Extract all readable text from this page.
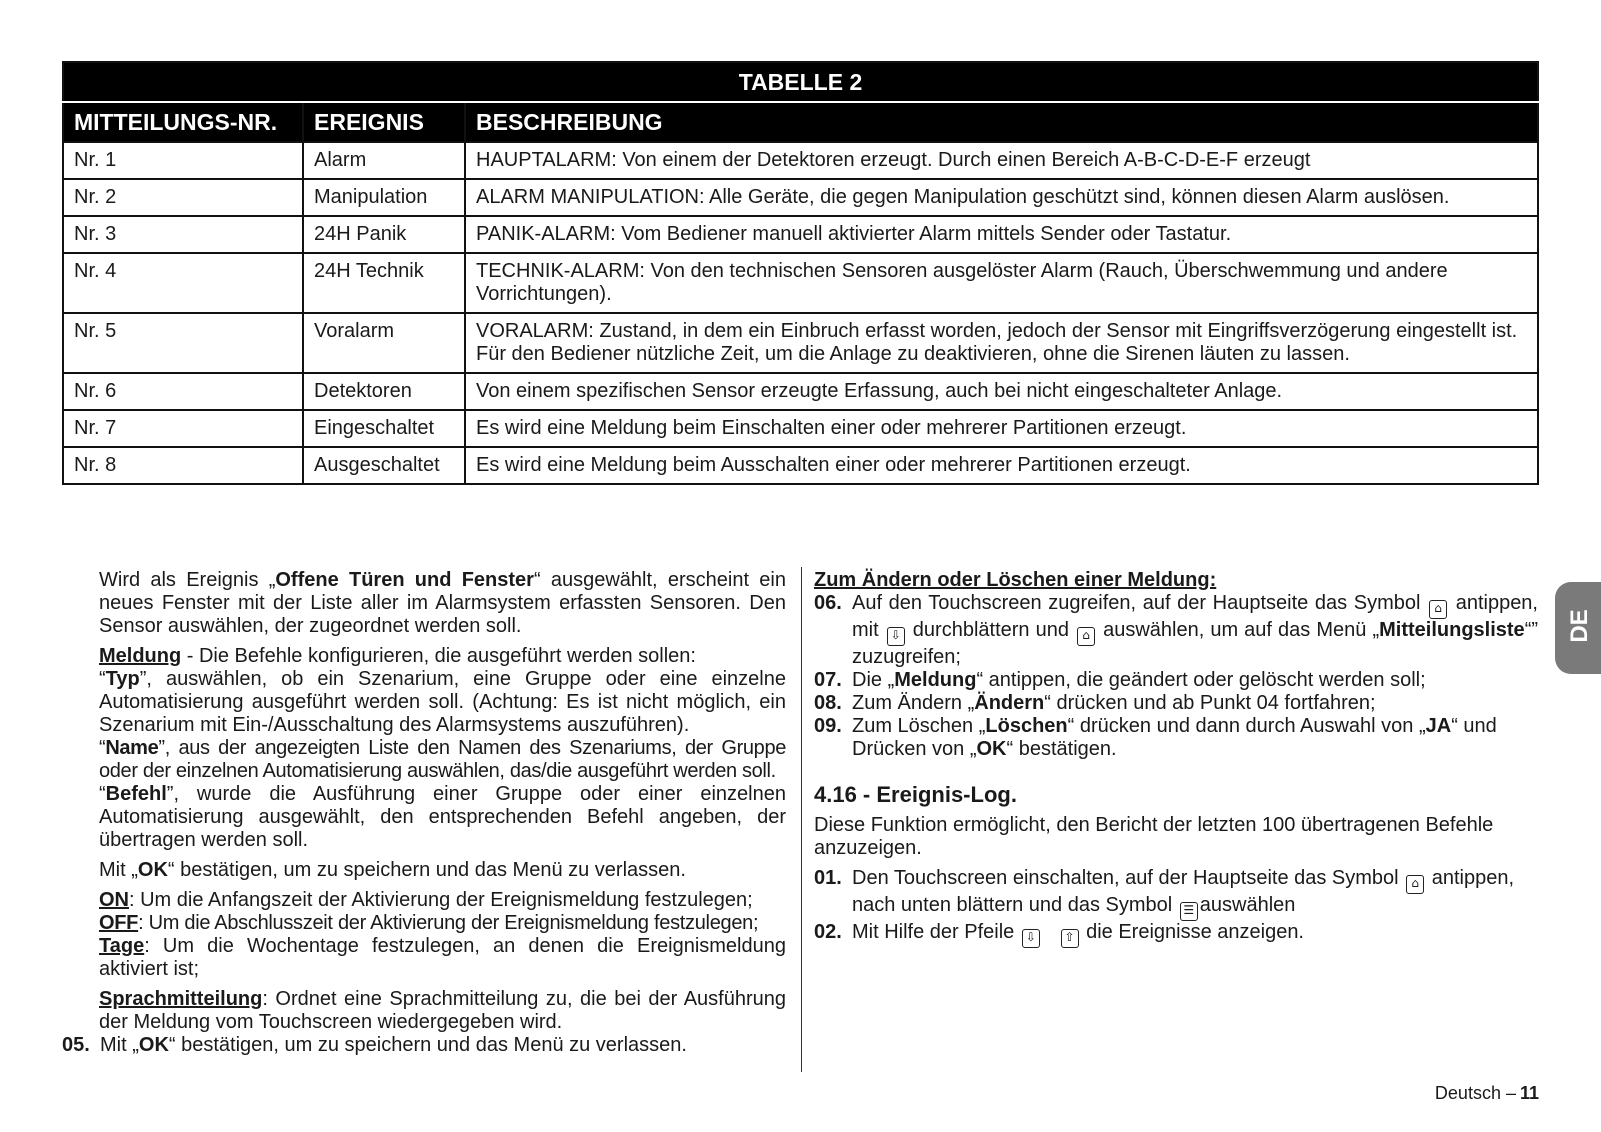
TABELLE 2		
MITTEILUNGS-NR.	EREIGNIS	BESCHREIBUNG
Nr. 1	Alarm	HAUPTALARM: Von einem der Detektoren erzeugt. Durch einen Bereich A-B-C-D-E-F erzeugt
Nr. 2	Manipulation	ALARM MANIPULATION: Alle Geräte, die gegen Manipulation geschützt sind, können diesen Alarm auslösen.
Nr. 3	24H Panik	PANIK-ALARM: Vom Bediener manuell aktivierter Alarm mittels Sender oder Tastatur.
Nr. 4	24H Technik	TECHNIK-ALARM: Von den technischen Sensoren ausgelöster Alarm (Rauch, Überschwemmung und andere Vorrichtungen).
Nr. 5	Voralarm	VORALARM: Zustand, in dem ein Einbruch erfasst worden, jedoch der Sensor mit Eingriffsverzögerung eingestellt ist. Für den Bediener nützliche Zeit, um die Anlage zu deaktivieren, ohne die Sirenen läuten zu lassen.
Nr. 6	Detektoren	Von einem spezifischen Sensor erzeugte Erfassung, auch bei nicht eingeschalteter Anlage.
Nr. 7	Eingeschaltet	Es wird eine Meldung beim Einschalten einer oder mehrerer Partitionen erzeugt.
Nr. 8	Ausgeschaltet	Es wird eine Meldung beim Ausschalten einer oder mehrerer Partitionen erzeugt.

Wird als Ereignis „Offene Türen und Fenster“ ausgewählt, erscheint ein neues Fenster mit der Liste aller im Alarmsystem erfassten Sensoren. Den Sensor auswählen, der zugeordnet werden soll.

Meldung - Die Befehle konfigurieren, die ausgeführt werden sollen:

“Typ”, auswählen, ob ein Szenarium, eine Gruppe oder eine einzelne Automatisierung ausgeführt werden soll. (Achtung: Es ist nicht möglich, ein Szenarium mit Ein-/Ausschaltung des Alarmsystems auszuführen).

“Name”, aus der angezeigten Liste den Namen des Szenariums, der Gruppe oder der einzelnen Automatisierung auswählen, das/die ausgeführt werden soll.

“Befehl”, wurde die Ausführung einer Gruppe oder einer einzelnen Automatisierung ausgewählt, den entsprechenden Befehl angeben, der übertragen werden soll.

Mit „OK“ bestätigen, um zu speichern und das Menü zu verlassen.

ON: Um die Anfangszeit der Aktivierung der Ereignismeldung festzulegen;

OFF: Um die Abschlusszeit der Aktivierung der Ereignismeldung festzulegen;

Tage: Um die Wochentage festzulegen, an denen die Ereignismeldung aktiviert ist;

Sprachmitteilung: Ordnet eine Sprachmitteilung zu, die bei der Ausführung der Meldung vom Touchscreen wiedergegeben wird.

05. Mit „OK“ bestätigen, um zu speichern und das Menü zu verlassen.

Zum Ändern oder Löschen einer Meldung:

06. Auf den Touchscreen zugreifen, auf der Hauptseite das Symbol ⌂ antippen, mit ⇩ durchblättern und ⌂ auswählen, um auf das Menü „Mitteilungsliste“” zuzugreifen;
07. Die „Meldung“ antippen, die geändert oder gelöscht werden soll;
08. Zum Ändern „Ändern“ drücken und ab Punkt 04 fortfahren;
09. Zum Löschen „Löschen“ drücken und dann durch Auswahl von „JA“ und Drücken von „OK“ bestätigen.

4.16 - Ereignis-Log.

Diese Funktion ermöglicht, den Bericht der letzten 100 übertragenen Befehle anzuzeigen.

01. Den Touchscreen einschalten, auf der Hauptseite das Symbol ⌂ antippen, nach unten blättern und das Symbol ☰ auswählen
02. Mit Hilfe der Pfeile ⇩ ⇧ die Ereignisse anzeigen.
DE
Deutsch – 11
